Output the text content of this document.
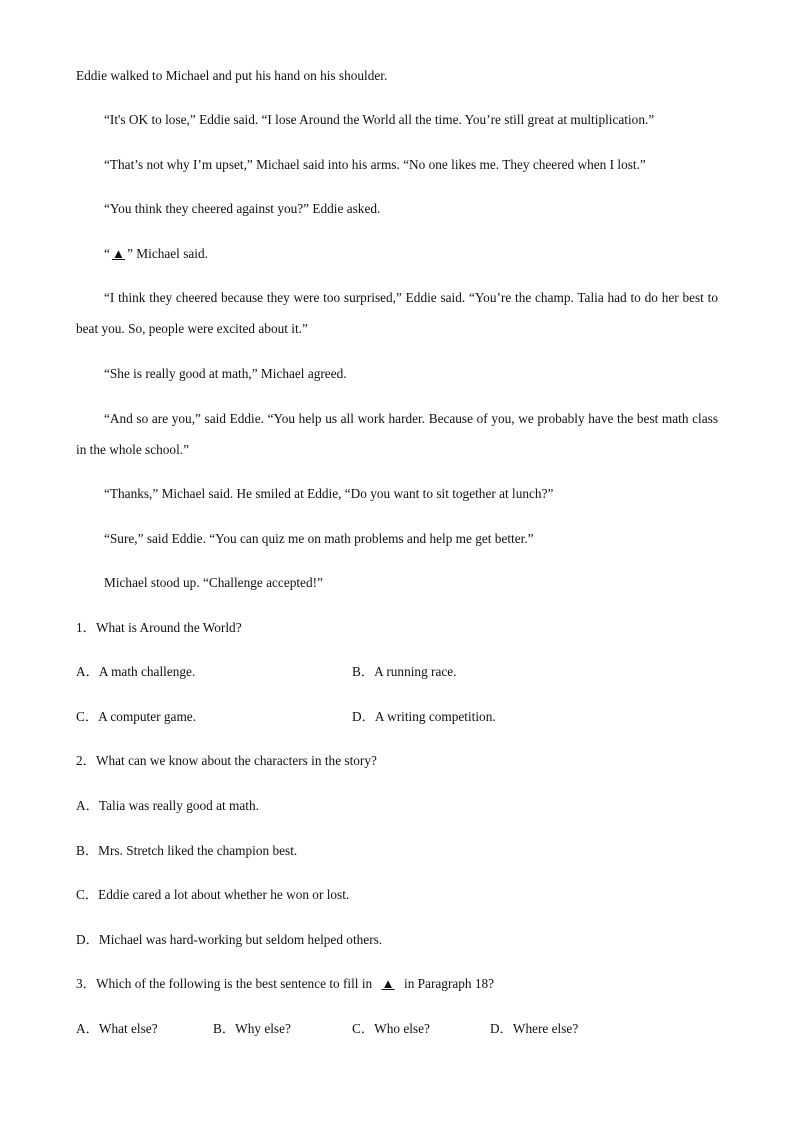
Eddie walked to Michael and put his hand on his shoulder.
“It's OK to lose,” Eddie said. “I lose Around the World all the time. You’re still great at multiplication.”
“That’s not why I’m upset,” Michael said into his arms. “No one likes me. They cheered when I lost.”
“You think they cheered against you?” Eddie asked.
“ ▲ ” Michael said.
“I think they cheered because they were too surprised,” Eddie said. “You’re the champ. Talia had to do her best to beat you. So, people were excited about it.”
“She is really good at math,” Michael agreed.
“And so are you,” said Eddie. “You help us all work harder. Because of you, we probably have the best math class in the whole school.”
“Thanks,” Michael said. He smiled at Eddie, “Do you want to sit together at lunch?”
“Sure,” said Eddie. “You can quiz me on math problems and help me get better.”
Michael stood up. “Challenge accepted!”
1．What is Around the World?
A．A math challenge.	B．A running race.
C．A computer game.	D．A writing competition.
2．What can we know about the characters in the story?
A．Talia was really good at math.
B．Mrs. Stretch liked the champion best.
C．Eddie cared a lot about whether he won or lost.
D．Michael was hard-working but seldom helped others.
3．Which of the following is the best sentence to fill in ▲ in Paragraph 18?
A．What else?	B．Why else?	C．Who else?	D．Where else?
